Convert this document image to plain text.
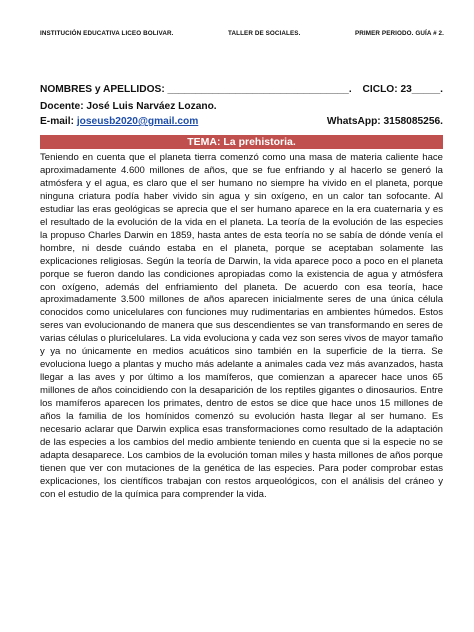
INSTITUCIÓN EDUCATIVA LICEO BOLIVAR.	TALLER DE SOCIALES.	PRIMER PERIODO. GUÍA # 2.
NOMBRES y APELLIDOS: ________________________________. CICLO: 23_____.
Docente: José Luis Narváez Lozano.
E-mail: joseusb2020@gmail.com	WhatsApp: 3158085256.
TEMA: La prehistoria.

Teniendo en cuenta que el planeta tierra comenzó como una masa de materia caliente hace aproximadamente 4.600 millones de años, que se fue enfriando y al hacerlo se generó la atmósfera y el agua, es claro que el ser humano no siempre ha vivido en el planeta, porque ninguna criatura podía haber vivido sin agua y sin oxígeno, en un calor tan sofocante. Al estudiar las eras geológicas se aprecia que el ser humano aparece en la era cuaternaria y es el resultado de la evolución de la vida en el planeta. La teoría de la evolución de las especies la propuso Charles Darwin en 1859, hasta antes de esta teoría no se sabía de dónde venía el hombre, ni desde cuándo estaba en el planeta, porque se aceptaban solamente las explicaciones religiosas. Según la teoría de Darwin, la vida aparece poco a poco en el planeta porque se fueron dando las condiciones apropiadas como la existencia de agua y atmósfera con oxígeno, además del enfriamiento del planeta. De acuerdo con esa teoría, hace aproximadamente 3.500 millones de años aparecen inicialmente seres de una única célula conocidos como unicelulares con funciones muy rudimentarias en ambientes húmedos. Estos seres van evolucionando de manera que sus descendientes se van transformando en seres de varias células o pluricelulares. La vida evoluciona y cada vez son seres vivos de mayor tamaño y ya no únicamente en medios acuáticos sino también en la superficie de la tierra. Se evoluciona luego a plantas y mucho más adelante a animales cada vez más avanzados, hasta llegar a las aves y por último a los mamíferos, que comienzan a aparecer hace unos 65 millones de años coincidiendo con la desaparición de los reptiles gigantes o dinosaurios. Entre los mamíferos aparecen los primates, dentro de estos se dice que hace unos 15 millones de años la familia de los homínidos comenzó su evolución hasta llegar al ser humano. Es necesario aclarar que Darwin explica esas transformaciones como resultado de la adaptación de las especies a los cambios del medio ambiente teniendo en cuenta que si la especie no se adapta desaparece. Los cambios de la evolución toman miles y hasta millones de años porque tienen que ver con mutaciones de la genética de las especies. Para poder comprobar estas explicaciones, los científicos trabajan con restos arqueológicos, con el análisis del cráneo y con el estudio de la química para comprender la vida.
